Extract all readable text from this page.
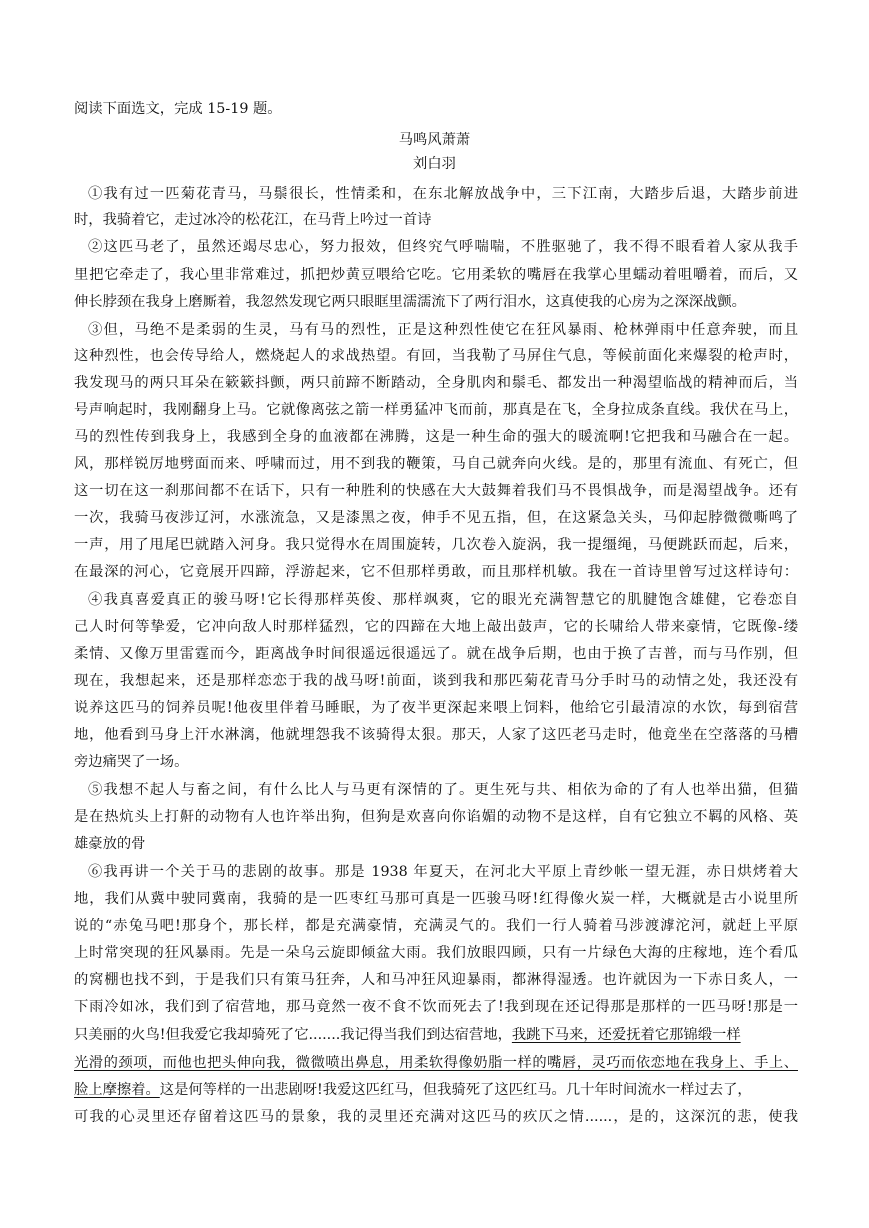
阅读下面选文，完成 15-19 题。
马鸣风萧萧
刘白羽
①我有过一匹菊花青马，马鬃很长，性情柔和，在东北解放战争中，三下江南，大踏步后退，大踏步前进
时，我骑着它，走过冰冷的松花江，在马背上吟过一首诗
②这匹马老了，虽然还竭尽忠心，努力报效，但终究气呼喘喘，不胜驱驰了，我不得不眼看着人家从我手
里把它牵走了，我心里非常难过，抓把炒黄豆喂给它吃。它用柔软的嘴唇在我掌心里蠕动着咀嚼着，而后，又
伸长脖颈在我身上磨厮着，我忽然发现它两只眼眶里濡濡流下了两行泪水，这真使我的心房为之深深战颤。
③但，马绝不是柔弱的生灵，马有马的烈性，正是这种烈性使它在狂风暴雨、枪林弹雨中任意奔驶，而且
这种烈性，也会传导给人，燃烧起人的求战热望。有回，当我勒了马屏住气息，等候前面化来爆裂的枪声时，
我发现马的两只耳朵在簌簌抖颤，两只前蹄不断踏动，全身肌肉和鬃毛、都发出一种渴望临战的精神而后，当
号声响起时，我刚翻身上马。它就像离弦之箭一样勇猛冲飞而前，那真是在飞，全身拉成条直线。我伏在马上，
马的烈性传到我身上，我感到全身的血液都在沸腾，这是一种生命的强大的暖流啊!它把我和马融合在一起。
风，那样锐厉地劈面而来、呼啸而过，用不到我的鞭策，马自己就奔向火线。是的，那里有流血、有死亡，但
这一切在这一刹那间都不在话下，只有一种胜利的快感在大大鼓舞着我们马不畏惧战争，而是渴望战争。还有
一次，我骑马夜涉辽河，水涨流急，又是漆黑之夜，伸手不见五指，但，在这紧急关头，马仰起脖微微嘶鸣了
一声，用了甩尾巴就踏入河身。我只觉得水在周围旋转，几次卷入旋涡，我一提缰绳，马便跳跃而起，后来，
在最深的河心，它竟展开四蹄，浮游起来，它不但那样勇敢，而且那样机敏。我在一首诗里曾写过这样诗句：
④我真喜爱真正的骏马呀!它长得那样英俊、那样飒爽，它的眼光充满智慧它的肌腱饱含雄健，它卷恋自
己人时何等挚爱，它冲向敌人时那样猛烈，它的四蹄在大地上敲出鼓声，它的长啸给人带来豪情，它既像-缕
柔情、又像万里雷霆而今，距离战争时间很遥远很遥远了。就在战争后期，也由于换了吉普，而与马作别，但
现在，我想起来，还是那样恋恋于我的战马呀!前面，谈到我和那匹菊花青马分手时马的动情之处，我还没有
说养这匹马的饲养员呢!他夜里伴着马睡眠，为了夜半更深起来喂上饲料，他给它引最清凉的水饮，每到宿营
地，他看到马身上汗水淋漓，他就埋怨我不该骑得太狠。那天，人家了这匹老马走时，他竟坐在空落落的马槽
旁边痛哭了一场。
⑤我想不起人与畜之间，有什么比人与马更有深情的了。更生死与共、相依为命的了有人也举出猫，但猫
是在热炕头上打鼾的动物有人也许举出狗，但狗是欢喜向你谄媚的动物不是这样，自有它独立不羁的风格、英
雄豪放的骨
⑥我再讲一个关于马的悲剧的故事。那是 1938 年夏天，在河北大平原上青纱帐一望无涯，赤日烘烤着大
地，我们从冀中驶同冀南，我骑的是一匹枣红马那可真是一匹骏马呀!红得像火炭一样，大概就是古小说里所
说的“赤兔马吧!那身个，那长样，都是充满豪情，充满灵气的。我们一行人骑着马涉渡滹沱河，就赶上平原
上时常突现的狂风暴雨。先是一朵乌云旋即倾盆大雨。我们放眼四顾，只有一片绿色大海的庄稼地，连个看瓜
的窝棚也找不到，于是我们只有策马狂奔，人和马冲狂风迎暴雨，都淋得湿透。也许就因为一下赤日炙人，一
下雨冷如冰，我们到了宿营地，那马竟然一夜不食不饮而死去了!我到现在还记得那是那样的一匹马呀!那是一
只美丽的火鸟!但我爱它我却骑死了它.......我记得当我们到达宿营地，我跳下马来，还爱抚着它那锦缎一样
光滑的颈项，而他也把头伸向我，微微喷出鼻息，用柔软得像奶脂一样的嘴唇，灵巧而依恋地在我身上、手上、
脸上摩擦着。这是何等样的一出悲剧呀!我爱这匹红马，但我骑死了这匹红马。几十年时间流水一样过去了，
可我的心灵里还存留着这匹马的景象，我的灵里还充满对这匹马的疚仄之情......，是的，这深沉的悲，使我
